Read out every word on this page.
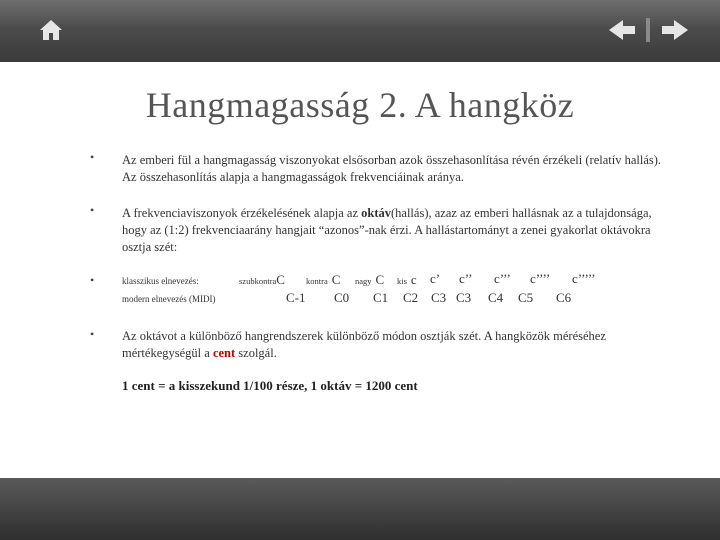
Hangmagasság 2. A hangköz
• Az emberi fül a hangmagasság viszonyokat elsősorban azok összehasonlítása révén érzékeli (relatív hallás). Az összehasonlítás alapja a hangmagasságok frekvenciáinak aránya.
• A frekvenciaviszonyok érzékelésének alapja az oktáv(hallás), azaz az emberi hallásnak az a tulajdonsága, hogy az (1:2) frekvenciaarány hangjait “azonos”-nak érzi. A hallástartományt a zenei gyakorlat oktávokra osztja szét:
•	klasszikus elnevezés:
modern elnevezés (MIDI)
szubkontraC kontra C nagy C kis c c’ c’’ c’’’ c’’’’ c’’’’’
C-1 C0 C1 C2 C3 C3 C4 C5 C6
• Az oktávot a különböző hangrendszerek különböző módon osztják szét. A hangközök méréséhez mértékegységül a cent szolgál.
1 cent = a kisszekund 1/100 része, 1 oktáv = 1200 cent
